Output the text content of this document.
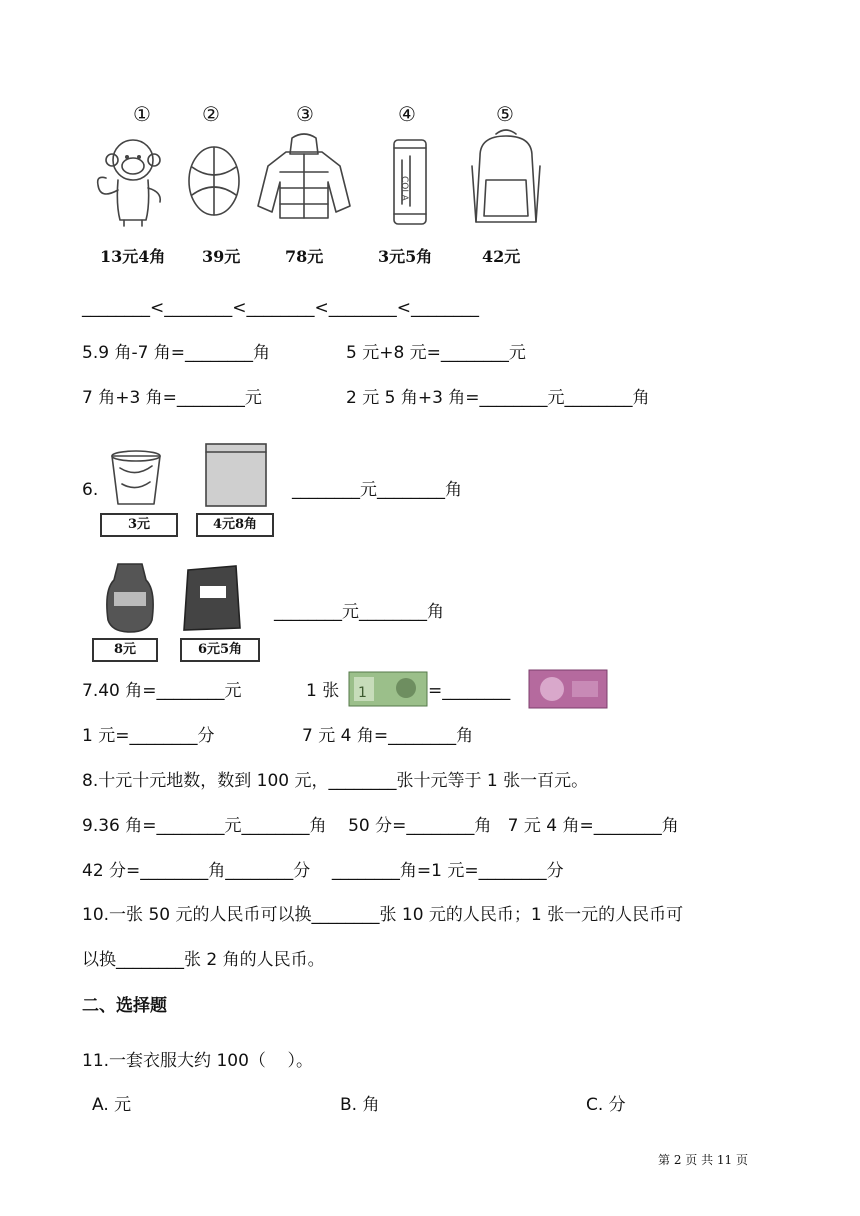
①	②	③	④	⑤
COLA
13元4角 39元	78元	3元5角	42元
________<________<________<________<________
5.9 角-7 角=________角	5 元+8 元=________元
7 角+3 角=________元	2 元 5 角+3 角=________元________角
6.
3元	4元8角
________元________角
8元	6元5角
________元________角
7.40 角=________元	1 张 1	=________
1 元=________分	7 元 4 角=________角
8.十元十元地数，数到 100 元，________张十元等于 1 张一百元。
9.36 角=________元________角    50 分=________角   7 元 4 角=________角
42 分=________角________分    ________角=1 元=________分
10.一张 50 元的人民币可以换________张 10 元的人民币；1 张一元的人民币可
以换________张 2 角的人民币。
二、选择题
11.一套衣服大约 100（    ）。
A. 元	B. 角	C. 分
第 2 页 共 11 页
